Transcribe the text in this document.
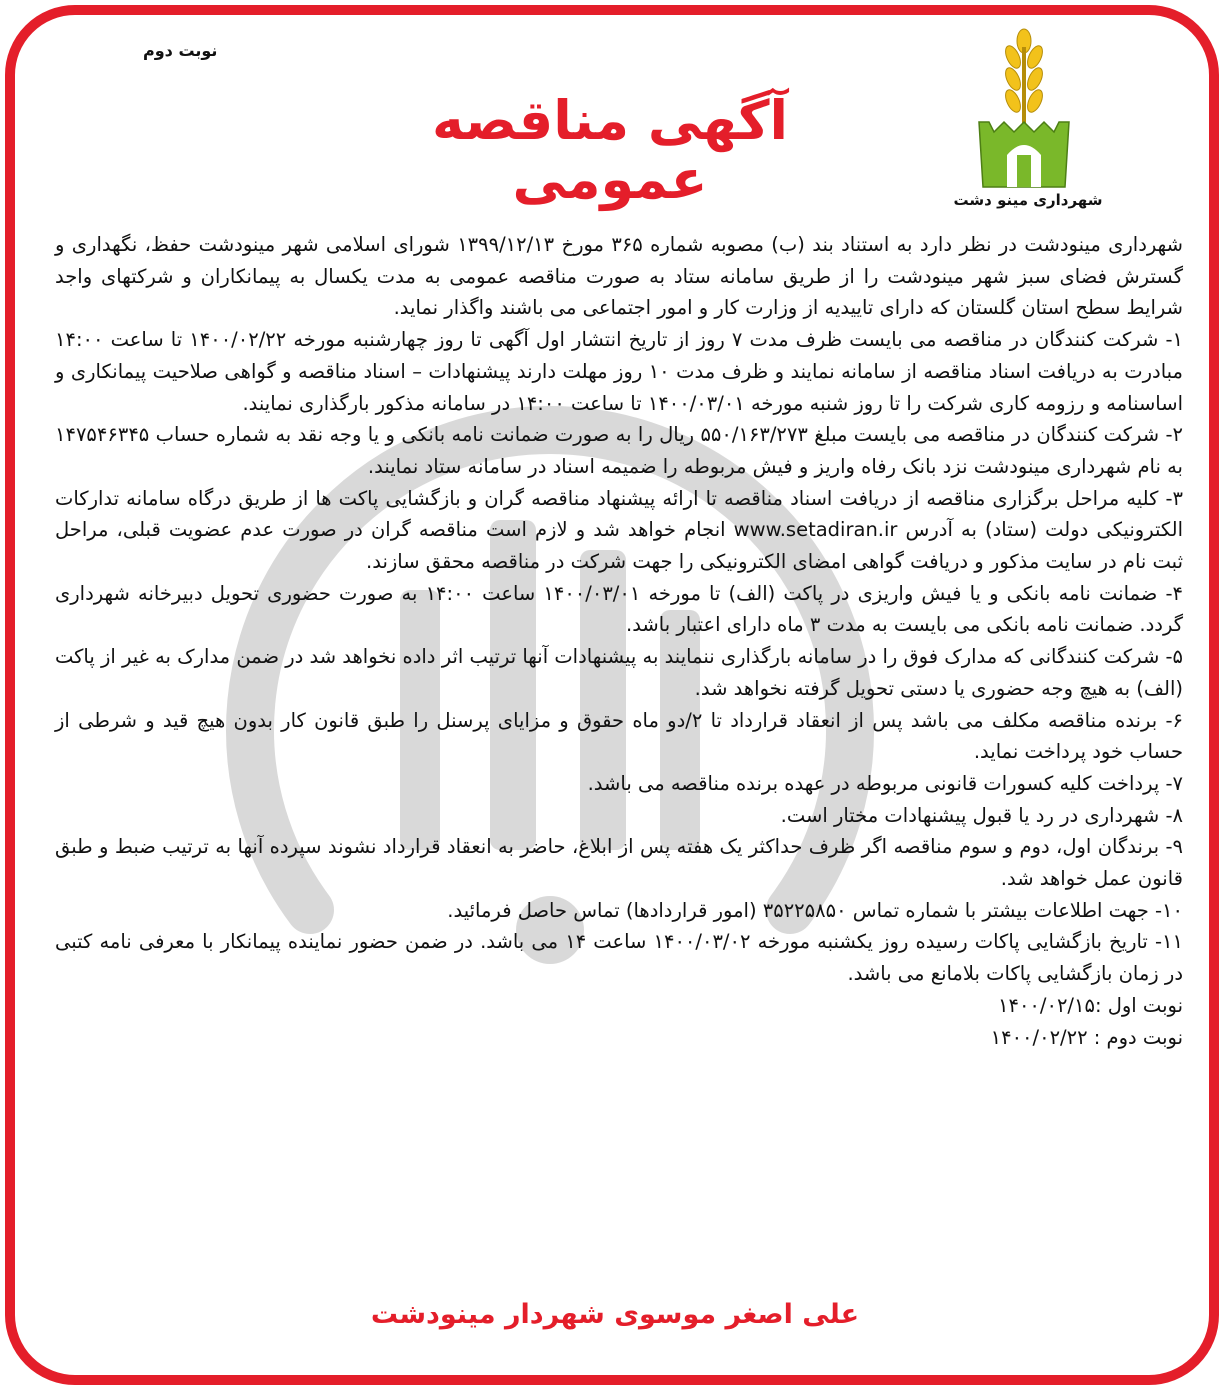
نوبت دوم
آگهی مناقصه عمومی	شهرداری مینو دشت

شهرداری مینودشت در نظر دارد به استناد بند (ب) مصوبه شماره ۳۶۵ مورخ ۱۳۹۹/۱۲/۱۳ شورای اسلامی شهر مینودشت حفظ، نگهداری و گسترش فضای سبز شهر مینودشت را از طریق سامانه ستاد به صورت مناقصه عمومی به مدت یکسال به پیمانکاران و شرکتهای واجد شرایط سطح استان گلستان که دارای تاییدیه از وزارت کار و امور اجتماعی می باشند واگذار نماید.

۱- شرکت کنندگان در مناقصه می بایست ظرف مدت ۷ روز از تاریخ انتشار اول آگهی تا روز چهارشنبه مورخه ۱۴۰۰/۰۲/۲۲ تا ساعت ۱۴:۰۰ مبادرت به دریافت اسناد مناقصه از سامانه نمایند و ظرف مدت ۱۰ روز مهلت دارند پیشنهادات – اسناد مناقصه و گواهی صلاحیت پیمانکاری و اساسنامه و رزومه کاری شرکت را تا روز شنبه مورخه ۱۴۰۰/۰۳/۰۱ تا ساعت ۱۴:۰۰ در سامانه مذکور بارگذاری نمایند.

۲- شرکت کنندگان در مناقصه می بایست مبلغ ۵۵۰/۱۶۳/۲۷۳ ریال را به صورت ضمانت نامه بانکی و یا وجه نقد به شماره حساب ۱۴۷۵۴۶۳۴۵ به نام شهرداری مینودشت نزد بانک رفاه واریز و فیش مربوطه را ضمیمه اسناد در سامانه ستاد نمایند.

۳- کلیه مراحل برگزاری مناقصه از دریافت اسناد مناقصه تا ارائه پیشنهاد مناقصه گران و بازگشایی پاکت ها از طریق درگاه سامانه تدارکات الکترونیکی دولت (ستاد) به آدرس www.setadiran.ir انجام خواهد شد و لازم است مناقصه گران در صورت عدم عضویت قبلی، مراحل ثبت نام در سایت مذکور و دریافت گواهی امضای الکترونیکی را جهت شرکت در مناقصه محقق سازند.

۴- ضمانت نامه بانکی و یا فیش واریزی در پاکت (الف) تا مورخه ۱۴۰۰/۰۳/۰۱ ساعت ۱۴:۰۰ به صورت حضوری تحویل دبیرخانه شهرداری گردد. ضمانت نامه بانکی می بایست به مدت ۳ ماه دارای اعتبار باشد.

۵- شرکت کنندگانی که مدارک فوق را در سامانه بارگذاری ننمایند به پیشنهادات آنها ترتیب اثر داده نخواهد شد در ضمن مدارک به غیر از پاکت (الف) به هیچ وجه حضوری یا دستی تحویل گرفته نخواهد شد.

۶- برنده مناقصه مکلف می باشد پس از انعقاد قرارداد تا ۲/دو ماه حقوق و مزایای پرسنل را طبق قانون کار بدون هیچ قید و شرطی از حساب خود پرداخت نماید.

۷- پرداخت کلیه کسورات قانونی مربوطه در عهده برنده مناقصه می باشد.

۸- شهرداری در رد یا قبول پیشنهادات مختار است.

۹- برندگان اول، دوم و سوم مناقصه اگر ظرف حداکثر یک هفته پس از ابلاغ، حاضر به انعقاد قرارداد نشوند سپرده آنها به ترتیب ضبط و طبق قانون عمل خواهد شد.

۱۰- جهت اطلاعات بیشتر با شماره تماس ۳۵۲۲۵۸۵۰ (امور قراردادها) تماس حاصل فرمائید.

۱۱- تاریخ بازگشایی پاکات رسیده روز یکشنبه مورخه ۱۴۰۰/۰۳/۰۲ ساعت ۱۴ می باشد. در ضمن حضور نماینده پیمانکار با معرفی نامه کتبی در زمان بازگشایی پاکات بلامانع می باشد.

نوبت اول :۱۴۰۰/۰۲/۱۵

نوبت دوم : ۱۴۰۰/۰۲/۲۲

علی اصغر موسوی شهردار مینودشت
